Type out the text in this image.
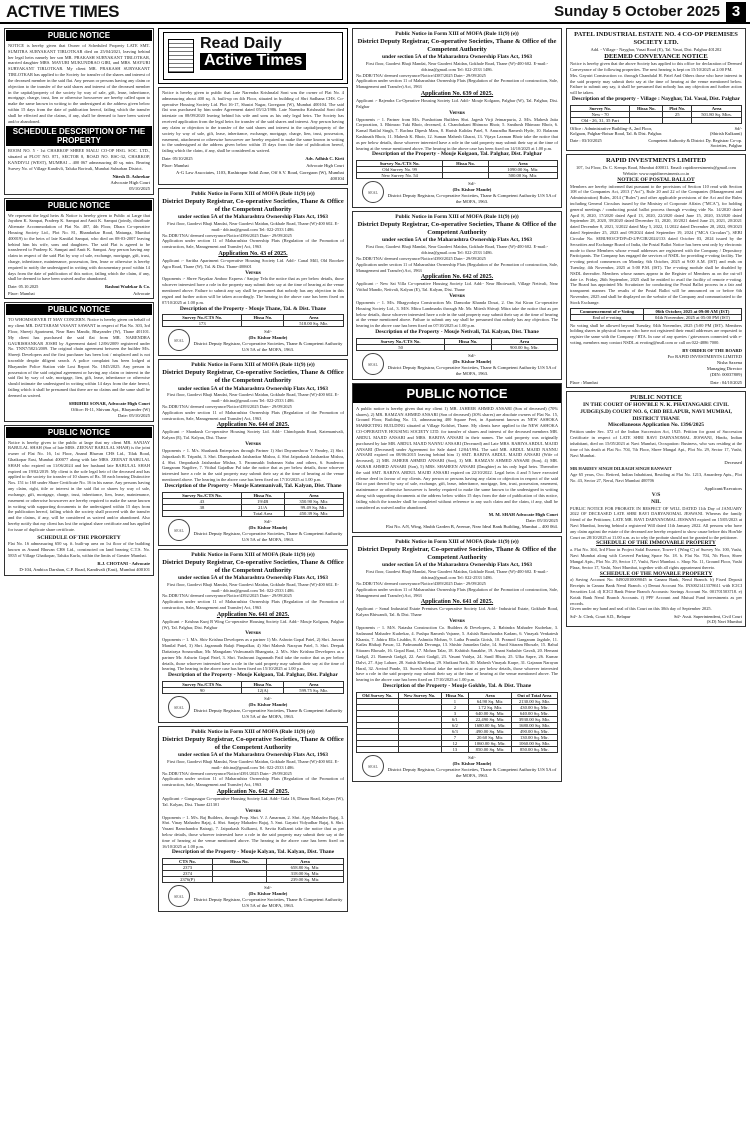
ACTIVE TIMES	Sunday 5 October 2025 3
PUBLIC NOTICE
NOTICE is hereby given that Owner of Scheduled Property LATE SMT. SUMITRA SURYAKANT TIRLOTKAR died on 25/04/2021, leaving behind her legal heirs namely her son MR. PRAKASH SURYAKANT TIRLOTKAR, married daughter MRS. MAYURI MUKUNDRAO GIRI, and MRS. MAYURI SURYAKANT TIRLOTKAR. My client MR. PRAKASH SURYAKANT TIRLOTKAR has applied to the Society for transfer of the shares and interest of the deceased member in the said flat. Any person or persons having any claim or objection to the transfer of the said shares and interest of the deceased member in the capital/property of the society by way of sale, gift, lease, inheritance, mortgage, charge, trust, lien or otherwise howsoever are hereby called upon to make the same known in writing to the undersigned at the address given below within 15 days from the date of publication hereof, failing which the transfer shall be effected and the claims, if any, shall be deemed to have been waived and/or abandoned.
SCHEDULE DESCRIPTION OF THE PROPERTY
ROOM NO. 5 - 1st CHARKOP SHREE MALU CO-OP HSG. SOC. LTD., situated at PLOT NO. 871, SECTOR 8, ROAD NO. RSC-32, CHARKOP, KANDIVLI (WEST), MUMBAI – 400 067 admeasuring 40 sq. mtrs. Bearing Survey No. of Village Kandivli, Taluka Borivali, Mumbai Suburban District.
Nitesh D. Ashrekar
Advocate High Court
05/10/2025
PUBLIC NOTICE
We represent the legal heirs & Notice is hereby given to Public at Large that Jayaben K. Sampat, Pradeep K. Sampat and Amit K. Sampat (jointly, distribute Alternate Accommodation of Flat No. 407, 4th Floor, Dhara Co-operative Housing Society Ltd., Plot No. 81, Bhandarkar Road, Matunga, Mumbai 400019) to the heirs of late Kantilal Sampat, who died on 08-03-2007 leaving behind him his wife, sons and daughters. The said Flat is agreed to be transferred to Pradeep K. Sampat and Amit K. Sampat. Any person having any claim in respect of the said Flat by way of sale, exchange, mortgage, gift, trust, charge, inheritance, maintenance, possession, lien, lease or otherwise is hereby required to notify the undersigned in writing with documentary proof within 14 days from the date of publication of this notice, failing which the claim, if any, shall be deemed to have been waived and/or abandoned.
Date: 05.10.2025	Rashmi Wadekar & Co.
Place: Mumbai	Advocate
PUBLIC NOTICE
TO WHOMSOEVER IT MAY CONCERN. Notice is hereby given on behalf of my client MR. DATTARAM VASANT SAWANT in respect of Flat No. 303, 3rd Floor, Shreeji Apartment, Near Ram Mandir, Bhayander (W), Thane 401101. My client has purchased the said flat from MR. NARENDRA GAURISHANKAR JOSHI by Agreement dated 12/06/2009 registered under No. TNN7/5821/2009. The original chain agreement between the builder M/s. Shreeji Developers and the first purchaser has been lost / misplaced and is not traceable despite diligent search. A police complaint has been lodged at Bhayander Police Station vide Lost Report No. 1845/2025. Any person in possession of the said original agreement or having any claim or interest in the said flat by way of sale, mortgage, lien, gift, lease, inheritance or otherwise should intimate the undersigned in writing within 14 days from the date hereof, failing which it shall be presumed that there are no claims and the same shall be deemed as waived.
SHRIHRI SONAR, Advocate High Court
Office: B-11, Shivam Apt., Bhayander (W)
Date: 05/10/2025
PUBLIC NOTICE
Notice is hereby given to the public at large that my client MR. SANJAY BABULAL SHAH (Son of late MRS. ZEENAT BABULAL SHAH) is the joint owner of Flat No. 16, 1st Floor, Anand Bhuvan CHS Ltd., Tilak Road, Ghatkopar East, Mumbai 400077 along with late MRS. ZEENAT BABULAL SHAH who expired on 11/06/2024 and her husband late BABULAL SHAH expired on 19/02/2019. My client is the sole legal heir of the deceased and has applied to the society for transfer of 10 shares of Rs. 50 each bearing Distinctive Nos. 151 to 160 under Share Certificate No. 16 in his name. Any persons having any claim, right, title or interest in the said flat or shares by way of sale, exchange, gift, mortgage, charge, trust, inheritance, lien, lease, maintenance, easement or otherwise howsoever are hereby required to make the same known in writing with supporting documents to the undersigned within 15 days from the publication hereof, failing which the society shall proceed with the transfer and the claims, if any, will be considered as waived and/or abandoned. Also hereby notify that my client has lost the original share certificate and has applied for issue of duplicate share certificate.
SCHEDULE OF THE PROPERTY
Flat No. 16 admeasuring 650 sq. ft. built-up area on 1st floor of the building known as Anand Bhuvan CHS Ltd., constructed on land bearing C.T.S. No. 5835 of Village Ghatkopar, Taluka Kurla, within the limits of Greater Mumbai.
R.J. CHOTANI - Advocate
D-104, Ambica Darshan, C.P. Road, Kandivali (East), Mumbai 400101
Read Daily
Active Times
Notice is hereby given to public that Late Narendra Krishnalal Soni was the owner of Flat No. 4 admeasuring about 400 sq. ft. built-up on 4th Floor, situated in building of Shri Sadhana CHS. Co-operative Housing Society Ltd. Plot 16-17, Shastri Nagar, Goregaon (W), Mumbai 400104. The said flat was purchased by him under Agreement dated 05/12/1986. Late Narendra Krishnalal Soni died intestate on 08/09/2020 leaving behind his wife and sons as his only legal heirs. The Society has received application from the legal heirs for transfer of the said shares and interest. Any person having any claim or objection to the transfer of the said shares and interest in the capital/property of the society by way of sale, gift, lease, inheritance, exchange, mortgage, charge, lien, trust, possession, easement, attachment or otherwise howsoever are hereby required to make the same known in writing to the undersigned at the address given below within 15 days from the date of publication hereof, failing which the claim, if any, shall be considered as waived.
Date: 05/10/2025	Adv. Adhish C. Kirti
Place: Mumbai	Advocate High Court
A-G Law Associates, 1103, Rashtrapur Sahil Zone, Off S.V. Road, Goregaon (W), Mumbai 400104
Public Notice in Form XIII of MOFA (Rule 11(9) (e))
District Deputy Registrar, Co-operative Societies, Thane & Office of the Competent Authority
under section 5A of the Maharashtra Ownership Flats Act, 1963
First floor, Gaodevi Bhaji Mandai, Near Gaodevi Maidan, Gokhale Road, Thane (W)-400 602. E-mail:- ddr.tna@gmail.com Tel: 022-2533 1486.
No.DDR/TNA/ deemed conveyance/Notice/4396/2025 Date:- 29/09/2025
Application under section 11 of Maharashtra Ownership Flats (Regulation of the Promotion of construction, Sale, Management and Transfer) Act, 1963
Application No. 43 of 2025.
Applicant :- Saritha Apartment Co-operative Housing Society Ltd. Add:- Canal Mill, Old Roorkee Agra Road, Thane (W), Tal. & Dist. Thane-400601
Versus
Opponents :- Shree Nayakar Amboo Express / Sanjay Tela the notice that as per below details, those whoever interested have a role in the property may submit their say at the time of hearing at the venue mentioned above. Failure to submit any say shall be presumed that nobody has any objection in this regard and further action will be taken accordingly. The hearing in the above case has been fixed on 07/10/2025 at 1.00 p.m.
Description of the Property - Mouje Thane, Tal. & Dist. Thane
Survey No./CTS No.	Hissa No.	Area
173		518.00 Sq. Mtr.
SEAL
Sd/-
(Dr. Kishor Mande)
District Deputy Registrar, Co-operative Societies, Thane & Competent Authority U/S 5A of the MOFA, 1963.
Public Notice in Form XIII of MOFA (Rule 11(9) (e))
District Deputy Registrar, Co-operative Societies, Thane & Office of the Competent Authority
under section 5A of the Maharashtra Ownership Flats Act, 1963
First floor, Gaodevi Bhaji Mandai, Near Gaodevi Maidan, Gokhale Road, Thane (W)-400 602. E-mail:- ddr.tna@gmail.com Tel: 022-2533 1486.
No.DDR/TNA/ deemed conveyance/Notice/4393/2025 Date:- 29/09/2025
Application under section 11 of Maharashtra Ownership Flats (Regulation of the Promotion of construction, Sale, Management and Transfer) Act, 1963
Application No. 644 of 2025.
Applicant :- Shankush Co-operative Housing Society Ltd. Add:- Chinchpada Road, Katemanivali, Kalyan (E), Tal. Kalyan, Dist. Thane
Versus
Opponents :- 1. M/s. Shashank Enterprises through Partner 1) Shri Dnyaneshwar V. Pandey, 2) Shri. Jaiprakash R. Tripathi, 3. Shri. Dhanprakash Jaishankar Mishra, 4. Shri Jaiprakash Jaishankar Mishra, 4. Shri. Omprakash Jaishankar Mishra, 5. Paramsukh Indranan Sahu and others, 6. Sunderrao Gangaram Nagdive, 7. Vitthal Gajadhar Pal take the notice that as per below details, those whoever interested have a role in the said property may submit their say at the time of hearing at the venue mentioned above. The hearing in the above case has been fixed on 17/10/2025 at 1.00 p.m.
Description of the Property - Mouje Katemanivali, Tal. Kalyan, Dist. Thane
Survey No./CTS No.	Hissa No.	Area
43	19/4B	350.90 Sq. Mtr.
38	21/A	99.49 Sq. Mtr.
	Total Area	450.39 Sq. Mtr.
SEAL
Sd/-
(Dr. Kishor Mande)
District Deputy Registrar, Co-operative Societies, Thane & Competent Authority U/S 5A of the MOFA, 1963.
Public Notice in Form XIII of MOFA (Rule 11(9) (e))
District Deputy Registrar, Co-operative Societies, Thane & Office of the Competent Authority
under section 5A of the Maharashtra Ownership Flats Act, 1963
First floor, Gaodevi Bhaji Mandai, Near Gaodevi Maidan, Gokhale Road, Thane (W)-400 602. E-mail:- ddr.tna@gmail.com Tel: 022-2533 1486.
No.DDR/TNA/ deemed conveyance/Notice/4392/2025 Date:- 29/09/2025
Application under section 11 of Maharashtra Ownership Flats (Regulation of the Promotion of construction, Sale, Management and Transfer) Act, 1963
Application No. 641 of 2025.
Applicant :- Krishna Kunj B Wing Co-operative Housing Society Ltd. Add:- Mouje Kolgaon, Palghar (W), Tal. Palghar, Dist. Palghar
Versus
Opponents :- 1. M/s. Shiv Krishna Developers as a partner 1) Mr. Ashwin Gopal Patel, 2) Shri. Jasvant Manilal Patel, 3) Shri. Jagannath Balaji Pimpalkar, 4) Shri Mahesh Narayan Patel, 5. Shri. Deepak Dattatraya Sonawalkar, Mr. Mangalam Vishwanath Bhangaria, 2. M/s. Shiv Krishna Developers as a partner Mr. Ashwin Gopal Patel, 3. Shri. Yashwant Jagannath Patil take the notice that as per below details, those whoever interested have a role in the said property may submit their say at the time of hearing. The hearing in the above case has been fixed on 15/10/2025 at 1.00 p.m.
Description of the Property - Mouje Kolgaon, Tal. Palghar, Dist. Palghar
Survey No./CTS No.	Hissa No.	Area
90	12(A)	599.75 Sq. Mtr.
SEAL
Sd/-
(Dr. Kishor Mande)
District Deputy Registrar, Co-operative Societies, Thane & Competent Authority U/S 5A of the MOFA, 1963.
Public Notice in Form XIII of MOFA (Rule 11(9) (e))
District Deputy Registrar, Co-operative Societies, Thane & Office of the Competent Authority
under section 5A of the Maharashtra Ownership Flats Act, 1963
First floor, Gaodevi Bhaji Mandai, Near Gaodevi Maidan, Gokhale Road, Thane (W)-400 602. E-mail:- ddr.tna@gmail.com Tel: 022-2533 1486.
No.DDR/TNA/ deemed conveyance/Notice/4391/2025 Date:- 29/09/2025
Application under section 11 of Maharashtra Ownership Flats (Regulation of the Promotion of construction, Sale, Management and Transfer) Act, 1963
Application No. 642 of 2025.
Applicant :- Gangasagar Co-operative Housing Society Ltd. Add:- Gala 16, Dhanu Road, Kalyan (W), Tal. Kalyan, Dist. Thane 421301
Versus
Opponents :- 1. M/s. Raj Builders, through Prop. Shri. V. J. Amarnan, 2. Shri. Ajay Mahadeo Bajaj, 3. Shri. Vinay Mahadeo Bajaj, 4. Shri. Sanjay Mahadeo Bajaj, 5. Smt. Gayatri Vidyadhar Bajaj, 6. Shri. Vasant Ramchandra Bairagi, 7. Jaiprakash Kulkarni, 8. Savita Kulkarni take the notice that as per below details, those whoever interested have a role in the said property may submit their say at the time of hearing at the venue mentioned above. The hearing in the above case has been fixed on 16/10/2025 at 1.00 p.m.
Description of the Property - Mouje Kalyan, Tal. Kalyan, Dist. Thane
CTS No.	Hissa No.	Area
2373		658.80 Sq. Mtr.
2374		318.00 Sq. Mtr.
2376(P)		239.00 Sq. Mtr.
SEAL
Sd/-
(Dr. Kishor Mande)
District Deputy Registrar, Co-operative Societies, Thane & Competent Authority U/S 5A of the MOFA, 1963.
Public Notice in Form XIII of MOFA (Rule 11(9) (e))
District Deputy Registrar, Co-operative Societies, Thane & Office of the Competent Authority
under section 5A of the Maharashtra Ownership Flats Act, 1963
First floor, Gaodevi Bhaji Mandai, Near Gaodevi Maidan, Gokhale Road, Thane (W)-400 602. E-mail:- ddr.tna@gmail.com Tel: 022-2533 1486.
No.DDR/TNA/ deemed conveyance/Notice/4387/2025 Date:- 29/09/2025
Application under section 11 of Maharashtra Ownership Flats (Regulation of the Promotion of construction, Sale, Management and Transfer) Act, 1963
Application No. 639 of 2025.
Applicant :- Rajendra Co-Operative Housing Society Ltd. Add:- Mouje Kolgaon, Palghar (W), Tal. Palghar, Dist. Palghar
Versus
Opponents :- 1. Partner from M/s. Purshottam Builders Shri. Jagesh Virji Jetmarpuria, 2. M/s. Mahesh Jatia Corporation, 3. Bhimrao Tuki Bhoir, deceased, 4. Chandrakant Bhimrao Bhoir, 5. Santhosh Bhimrao Bhoir, 6. Kamal Ratilal Singh, 7. Rachna Dipesh Maru, 8. Harish Kalidas Patel, 9. Anuradha Ramesh Hyde, 10. Balaram Kashinath Bhoir, 11. Mahesh K. Bhoir, 12. Suman Mahesh Gharat, 13. Vijaya Laxman Bhoir take the notice that as per below details, those whoever interested have a role in the said property may submit their say at the time of hearing at the venue mentioned above. The hearing in the above case has been fixed on 14/10/2025 at 1.00 p.m.
Description of the Property - Mouje Kolgaon, Tal. Palghar, Dist. Palghar
Survey No./CTS No.	Hissa No.	Area
Old Survey No. 99		1090.00 Sq. Mtr.
New Survey No. 54		500.00 Sq. Mtr.
SEAL
Sd/-
(Dr. Kishor Mande)
District Deputy Registrar, Co-operative Societies, Thane & Competent Authority U/S 5A of the MOFA, 1963.
Public Notice in Form XIII of MOFA (Rule 11(9) (e))
District Deputy Registrar, Co-operative Societies, Thane & Office of the Competent Authority
under section 5A of the Maharashtra Ownership Flats Act, 1963
First floor, Gaodevi Bhaji Mandai, Near Gaodevi Maidan, Gokhale Road, Thane (W)-400 602. E-mail:- ddr.tna@gmail.com Tel: 022-2533 1486.
No.DDR/TNA/ deemed conveyance/Notice/4390/2025 Date:- 29/09/2025
Application under section 11 of Maharashtra Ownership Flats (Regulation of the Promotion of construction, Sale, Management and Transfer) Act, 1963
Application No. 642 of 2025.
Applicant :- New Sai Villa Co-operative Housing Society Ltd. Add:- Near Bhoirwadi, Village Netivali, Near Vitthal Mandir, Netivali, Kalyan (E), Tal. Kalyan, Dist. Thane
Versus
Opponents :- 1. M/s. Bhagyodaya Construction Mr. Damodar Khanda Dosai, 2. Om Sai Kiran Co-operative Housing Society Ltd., 3. M/S. Mitra Landmarks through Mr. Mr. Mitesh Shivaji Mitra take the notice that as per below details, those whoever interested have a role in the said property may submit their say at the time of hearing at the venue mentioned above. Failure to submit any say shall be presumed that nobody has any objection. The hearing in the above case has been fixed on 07/10/2025 at 1.00 p.m.
Description of the Property - Mouje Netivali, Tal. Kalyan, Dist. Thane
Survey No./CTS No.	Hissa No.	Area
50		900.00 Sq. Mtr.
SEAL
Sd/-
(Dr. Kishor Mande)
District Deputy Registrar, Co-operative Societies, Thane & Competent Authority U/S 5A of the MOFA, 1963.
PUBLIC NOTICE
A public notice is hereby given that my client 1) MR. JAHEER AHMED ANSARI (Son of deceased) (70% shares), 2) MR. RAMZAN AHMED ANSARI (Son of deceased) (30% shares) are absolute owners of Flat No. 15, Ground Floor, Building No. 13, admeasuring 400 Square Feet, in Apartment known as NEW ASHOKA MARKETING BUILDING situated at Village Kolshet, Thane. My clients have applied to the NEW ASHOKA CO-OPERATIVE HOUSING SOCIETY LTD. for transfer of shares and interest of the deceased members MR. ABDUL MAJID ANSARI and MRS. RABIYA ANSARI in their names. The said property was originally purchased by late MR. ABDUL MAJID NANNU ANSARI (Deceased) and Late MRS. RABIYA ABDUL MAJID ANSARI (Deceased) under Agreement for Sale dated 12/04/1994. The said MR. ABDUL MAJID NANNU ANSARI expired on 08/06/2015 leaving behind him 1) SMT. RABIYA ABDUL MAJID ANSARI (Wife of deceased), 2) MR. JAHEER AHMED ANSARI (Son), 3) MR. RAMZAN AHMED ANSARI (Son), 4) MR. AKBAR AHMED ANSARI (Son), 5) MRS. SHAHEEN ANSARI (Daughter) as his only legal heirs. Thereafter the said SMT. RABIYA ABDUL MAJID ANSARI expired on 22/10/2022. Legal heirs 4 and 5 have executed release deed in favour of my clients. Any person or persons having any claim or objection in respect of the said flat or part thereof by way of sale, exchange, gift, lease, inheritance, mortgage, lien, trust, possession, easement, maintenance or otherwise howsoever is hereby required to make the same known to the undersigned in writing along with supporting documents at the address below within 15 days from the date of publication of this notice, failing which the transfer shall be completed without reference to any such claim and the claim, if any, shall be considered as waived and/or abandoned.
M. M. SHAH Advocate High Court
Date: 05/10/2025
Flat No. A/8, Wing, Shubh Garden B, Avenue, Near Ideal Bank Building, Mumbai – 400 064.
Public Notice in Form XIII of MOFA (Rule 11(9) (e))
District Deputy Registrar, Co-operative Societies, Thane & Office of the Competent Authority
under section 5A of the Maharashtra Ownership Flats Act, 1963
First floor, Gaodevi Bhaji Mandai, Near Gaodevi Maidan, Gokhale Road, Thane (W)-400 602. E-mail:- ddr.tna@gmail.com Tel: 022-2533 1486.
No.DDR/TNA/ deemed conveyance/Notice/4389/2025 Date:- 29/09/2025
Application under section 11 of Maharashtra Ownership Flats (Regulation of the Promotion of construction, Sale, Management and Transfer) Act, 1963
Application No. 641 of 2025.
Applicant :- Sonal Industrial Estate Premises Co-operative Society Ltd. Add:- Industrial Estate, Gokhale Road, Kalyan Bhiwandi, Tal. & Dist. Thane
Versus
Opponents :- 1. M/S. Natasha Construction Co. Builders & Developers, 2. Rabindra Mahadev Kudrekar, 3. Sadanand Mahadev Kudrekar, 4. Pushpa Ramesh Vajrane, 5. Ashish Ramchandra Kadam, 6. Vinayak Venkatesh Khanta, 7. Jahiru Ella Lisddin, 8. Ashmita Mohan, 9. Latha Pramila Girish, 10. Pramod Gangaram Jagdale, 11. Kailas Bhikaji Pawar, 12. Padmanabh Devanga, 13. Shishir Janardan Guhe, 14. Sunil Sitaram Bhosale, 15. Rahul Sitaram Bhosale, 16. Gopal Raut, 17. Mohan Talar, 18. Kshitish Sanakhe, 19. Anant Sadashiv Gavali, 20. Hemant Gadgil, 21. Ramesh Gadgil, 22. Amit Gadgil, 23. Vasant Vaidya, 24. Sunil Bhoir, 25. Ulka Sapre, 26. Kumar Dalvi, 27. Ajay Lahare, 28. Satish Khedekar, 29. Shrikant Naik, 30. Mahesh Vinayak Karpe, 31. Gajanan Narayan Haral, 32. Arvind Pande, 33. Suresh Kotwal take the notice that as per below details, those whoever interested have a role in the said property may submit their say at the time of hearing at the venue mentioned above. The hearing in the above case has been fixed on 17/10/2025 at 1.00 p.m.
Description of the Property - Mouje Gokhle, Tal. & Dist. Thane
Old Survey No.	New Survey No.	Hissa No.	Area	Out of Total Area
		1	64.90 Sq. Mtr.	2130.00 Sq. Mtr.
		2	1.72 Sq. Mtr.	430.00 Sq. Mtr.
		3	640.00 Sq. Mtr.	640.00 Sq. Mtr.
		6/1	22,490 Sq. Mtr.	3930.00 Sq. Mtr.
		6/2	1680.00 Sq. Mtr.	1680.00 Sq. Mtr.
		6/3	490.00 Sq. Mtr.	490.00 Sq. Mtr.
		7	20.60 Sq. Mtr.	130.00 Sq. Mtr.
		12	1060.00 Sq. Mtr.	1060.00 Sq. Mtr.
		13	850.00 Sq. Mtr.	850.00 Sq. Mtr.
SEAL
Sd/-
(Dr. Kishor Mande)
District Deputy Registrar, Co-operative Societies, Thane & Competent Authority U/S 5A of the MOFA, 1963.
PATEL INDUSTRIAL ESTATE NO. 4 CO-OP PREMISES SOCIETY LTD.
Add. - Village - Nayghar, Vasai Road (E), Tal. Vasai, Dist. Palghar 401202
DEEMED CONVEYANCE NOTICE
Notice is hereby given that the above Society has applied to this office for declaration of Deemed Conveyance of the following properties. The next hearing is kept on 15/10/2025 at 2.00 PM.
Mrs. Gayatri Construction co. through Chandulal H. Patel And Others those who have interest in the said property may submit their say at the time of hearing at the venue mentioned below. Failure to submit any say, it shall be presumed that nobody has any objection and further action will be taken.
Description of the property - Village : Nayghar, Tal. Vasai, Dist. Palghar
Survey No.	Hissa No.	Plot No.	Area
New - 70		25	501.80 Sq. Mtrs.
Old - 26, 31, 35 Part			
Office : Administrative Building-A, 2nd Floor, Kolgaon, Palghar-Boisar Road, Tal. & Dist. Palghar.
Sd/-
(Shirish Kulkarni)
Date : 03/10/2025	Competent Authority & District Dy. Registrar Co-op. Societies, Palghar
RAPID INVESTMENTS LIMITED
107, 1st Floor, Dr. C. Kemps Road, Mumbai 400011. Email: rapidinvestments@gmail.com Website: www.rapidinvestments.co.in
NOTICE OF POSTAL BALLOT
Members are hereby informed that pursuant to the provisions of Section 110 read with Section 108 of the Companies Act, 2013 ("Act"), Rule 20 and 22 of the Companies (Management and Administration) Rules, 2014 ("Rules") and other applicable provisions of the Act and the Rules including General Circulars issued by the Ministry of Corporate Affairs ("MCA"), for holding general meetings / conducting postal ballot process through e-voting vide No. 14/2020 dated April 8, 2020, 17/2020 dated April 13, 2020, 22/2020 dated June 15, 2020, 33/2020 dated September 28, 2020, 39/2020 dated December 31, 2020, 10/2021 dated June 23, 2021, 20/2021 dated December 8, 2021, 3/2022 dated May 5, 2022, 11/2022 dated December 28, 2022, 09/2023 dated September 25, 2023 and 09/2024 dated September 19, 2024 ("MCA Circulars"), SEBI Circular No. SEBI/HO/CFD/PoD-2/P/CIR/2024/133 dated October 03, 2024 issued by the Securities and Exchange Board of India, the Postal Ballot Notice has been sent only by electronic mode to those Members whose e-mail addresses are registered with the Company / Depository Participants. The Company has engaged the services of NSDL for providing e-voting facility. The e-voting period commences on Monday, 6th October, 2025 at 9:00 A.M. (IST) and ends on Tuesday, 4th November, 2025 at 5:00 P.M. (IST). The e-voting module shall be disabled by NSDL thereafter. Members whose names appear in the Register of Members as on the cut-off date i.e. Friday, 26th September, 2025 shall be entitled to avail the facility of remote e-voting. The Board has appointed Mr. Scrutinizer for conducting the Postal Ballot process in a fair and transparent manner. The results of the Postal Ballot will be announced on or before 6th November, 2025 and shall be displayed on the website of the Company and communicated to the Stock Exchange.
Commencement of e-Voting	06th October, 2025 at 09:00 AM (IST)
End of e-voting	04th November, 2025 at 05:00 PM (IST)
No voting shall be allowed beyond Tuesday, 04th November, 2025 (5:00 PM (IST). Members holding shares in physical form or who have not registered their email addresses are requested to register the same with the Company / RTA. In case of any queries / grievances connected with e-voting, members may contact NSDL at evoting@nsdl.com or call on 022-4886 7000.
BY ORDER OF THE BOARD
For RAPID INVESTMENTS LIMITED
Nisha Saxena
Managing Director
(DIN: 00037809)
Place : Mumbai	Date : 04/10/2025
PUBLIC NOTICE
IN THE COURT OF HON'BLE N. K. PHATANGARE CIVIL JUDGE(S.D) COURT NO. 6, CBD BELAPUR, NAVI MUMBAI, DISTRICT THANE
Miscellaneous Application No. 1396/2025
Petition under Sec. 372 of the Indian Succession Act, 1925. Petition for grant of Succession Certificate in respect of LATE SHRI RAVI DARYANOMAL JESWANI, Hindu, Indian inhabitant, died on 15/05/2023 at Navi Mumbai, Occupation: Business, who was residing at the time of his death at Flat No. 704, 7th Floor, Shree Mangal Apt., Plot No. 29, Sector 17, Vashi, Navi Mumbai.
Deceased
MR HARDEV SINGH DILBAGH SINGH BANWAIT
Age 65 years, Occ. Retired, Indian Inhabitant, Residing at Flat No. 1213, Amardeep Apts., Plot No. 43, Sector 27, Nerul, Navi Mumbai 400706
Applicant/Executors
V/S
NIL
PUBLIC NOTICE FOR PROBATE IN RESPECT OF WILL DATED 11th Day of JANUARY 2022 OF DECEASED LATE SHRI RAVI DARYANOMAL JESWANI. Whereas the family friend of the Petitioner, LATE MR. RAVI DARYANOMAL JESWANI expired on 15/05/2023 at Navi Mumbai, leaving behind a registered Will dated 11th January 2022. All persons who have any claim against the estate of the deceased are hereby required to show cause before this Hon'ble Court on 28/10/2025 at 11.00 a.m. as to why the probate should not be granted to the petitioner.
SCHEDULE OF THE IMMOVABLE PROPERTY
a. Flat No. 304, 3rd Floor in Project Safal Essence, Tower-1 (Wing C) of Survey No. 100, Vashi, Navi Mumbai along with Covered Parking Space No. 18. b. Flat No. 704, 7th Floor, Shree Mangal Apts., Plot No. 29, Sector 17, Vashi, Navi Mumbai. c. Shop No. 11, Ground Floor, Vashi Plaza, Sector 17, Vashi, Navi Mumbai, together with all rights appurtenant thereto.
SCHEDULE OF THE MOVABLE PROPERTY
a) Saving Account No. 04902010009045 in Canara Bank, Nerul Branch. b) Fixed Deposit Receipts in Canara Bank Nerul Branch. c) Demat Account No. IN30021413378611 with ICICI Securities Ltd. d) ICICI Bank Prime Branch Accounts: Savings Account No. 001701503718. e) Kotak Bank Nerul Branch Accounts. f) PPF Account and Mutual Fund investments as per records.
Given under my hand and seal of this Court on this 30th day of September 2025.
Sd/- Jr. Clerk, Court S.D., Belapur	Sd/- Asstt. Superintendent, Civil Court (S.D) Navi Mumbai
